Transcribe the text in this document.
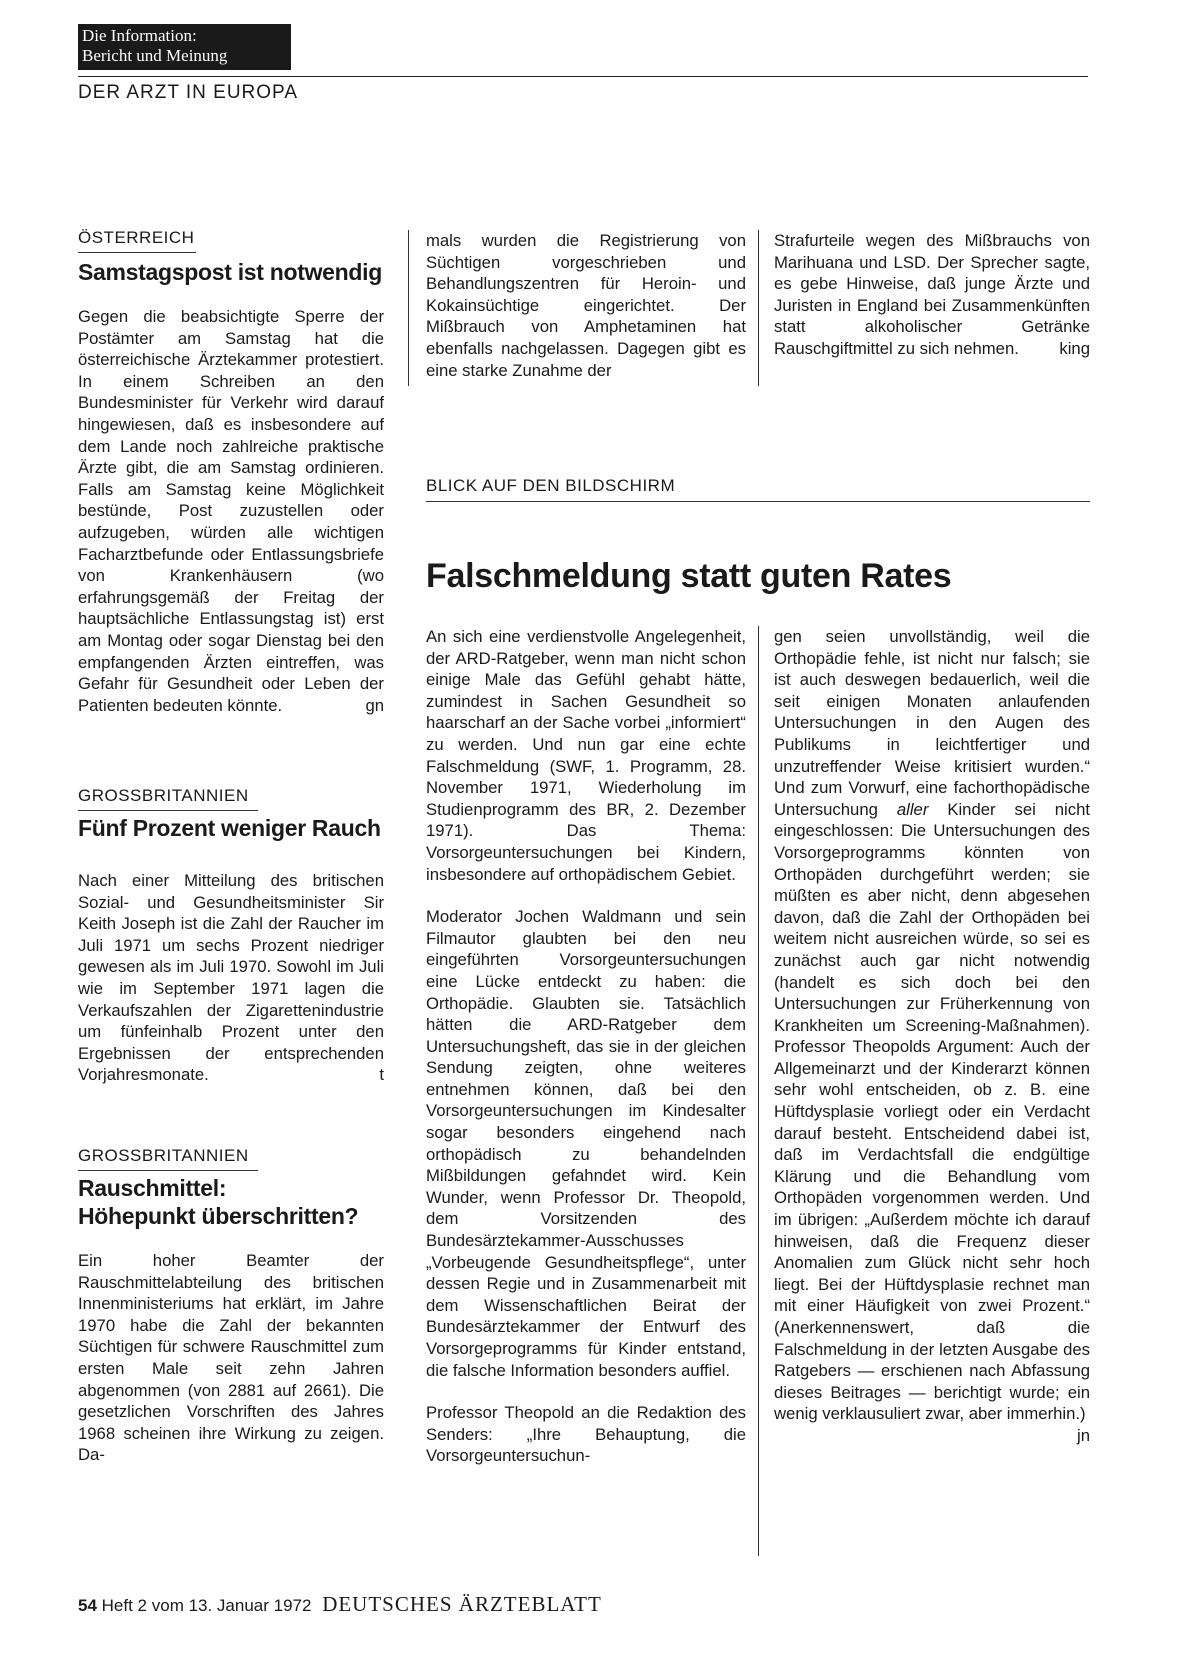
Die Information:
Bericht und Meinung
DER ARZT IN EUROPA
ÖSTERREICH
Samstagspost ist notwendig
Gegen die beabsichtigte Sperre der Postämter am Samstag hat die österreichische Ärztekammer protestiert. In einem Schreiben an den Bundesminister für Verkehr wird darauf hingewiesen, daß es insbesondere auf dem Lande noch zahlreiche praktische Ärzte gibt, die am Samstag ordinieren. Falls am Samstag keine Möglichkeit bestünde, Post zuzustellen oder aufzugeben, würden alle wichtigen Facharztbefunde oder Entlassungsbriefe von Krankenhäusern (wo erfahrungsgemäß der Freitag der hauptsächliche Entlassungstag ist) erst am Montag oder sogar Dienstag bei den empfangenden Ärzten eintreffen, was Gefahr für Gesundheit oder Leben der Patienten bedeuten könnte.	gn
GROSSBRITANNIEN
Fünf Prozent weniger Rauch
Nach einer Mitteilung des britischen Sozial- und Gesundheitsminister Sir Keith Joseph ist die Zahl der Raucher im Juli 1971 um sechs Prozent niedriger gewesen als im Juli 1970. Sowohl im Juli wie im September 1971 lagen die Verkaufszahlen der Zigarettenindustrie um fünfeinhalb Prozent unter den Ergebnissen der entsprechenden Vorjahresmonate.	t
GROSSBRITANNIEN
Rauschmittel:
Höhepunkt überschritten?
Ein hoher Beamter der Rauschmittelabteilung des britischen Innenministeriums hat erklärt, im Jahre 1970 habe die Zahl der bekannten Süchtigen für schwere Rauschmittel zum ersten Male seit zehn Jahren abgenommen (von 2881 auf 2661). Die gesetzlichen Vorschriften des Jahres 1968 scheinen ihre Wirkung zu zeigen. Da-
mals wurden die Registrierung von Süchtigen vorgeschrieben und Behandlungszentren für Heroin- und Kokainsüchtige eingerichtet. Der Mißbrauch von Amphetaminen hat ebenfalls nachgelassen. Dagegen gibt es eine starke Zunahme der
Strafurteile wegen des Mißbrauchs von Marihuana und LSD. Der Sprecher sagte, es gebe Hinweise, daß junge Ärzte und Juristen in England bei Zusammenkünften statt alkoholischer Getränke Rauschgiftmittel zu sich nehmen. king
BLICK AUF DEN BILDSCHIRM
Falschmeldung statt guten Rates

An sich eine verdienstvolle Angelegenheit, der ARD-Ratgeber, wenn man nicht schon einige Male das Gefühl gehabt hätte, zumindest in Sachen Gesundheit so haarscharf an der Sache vorbei „informiert“ zu werden. Und nun gar eine echte Falschmeldung (SWF, 1. Programm, 28. November 1971, Wiederholung im Studienprogramm des BR, 2. Dezember 1971). Das Thema: Vorsorgeuntersuchungen bei Kindern, insbesondere auf orthopädischem Gebiet.

Moderator Jochen Waldmann und sein Filmautor glaubten bei den neu eingeführten Vorsorgeuntersuchungen eine Lücke entdeckt zu haben: die Orthopädie. Glaubten sie. Tatsächlich hätten die ARD-Ratgeber dem Untersuchungsheft, das sie in der gleichen Sendung zeigten, ohne weiteres entnehmen können, daß bei den Vorsorgeuntersuchungen im Kindesalter sogar besonders eingehend nach orthopädisch zu behandelnden Mißbildungen gefahndet wird. Kein Wunder, wenn Professor Dr. Theopold, dem Vorsitzenden des Bundesärztekammer-Ausschusses „Vorbeugende Gesundheitspflege“, unter dessen Regie und in Zusammenarbeit mit dem Wissenschaftlichen Beirat der Bundesärztekammer der Entwurf des Vorsorgeprogramms für Kinder entstand, die falsche Information besonders auffiel.

Professor Theopold an die Redaktion des Senders: „Ihre Behauptung, die Vorsorgeuntersuchun-

gen seien unvollständig, weil die Orthopädie fehle, ist nicht nur falsch; sie ist auch deswegen bedauerlich, weil die seit einigen Monaten anlaufenden Untersuchungen in den Augen des Publikums in leichtfertiger und unzutreffender Weise kritisiert wurden.“ Und zum Vorwurf, eine fachorthopädische Untersuchung aller Kinder sei nicht eingeschlossen: Die Untersuchungen des Vorsorgeprogramms könnten von Orthopäden durchgeführt werden; sie müßten es aber nicht, denn abgesehen davon, daß die Zahl der Orthopäden bei weitem nicht ausreichen würde, so sei es zunächst auch gar nicht notwendig (handelt es sich doch bei den Untersuchungen zur Früherkennung von Krankheiten um Screening-Maßnahmen). Professor Theopolds Argument: Auch der Allgemeinarzt und der Kinderarzt können sehr wohl entscheiden, ob z. B. eine Hüftdysplasie vorliegt oder ein Verdacht darauf besteht. Entscheidend dabei ist, daß im Verdachtsfall die endgültige Klärung und die Behandlung vom Orthopäden vorgenommen werden. Und im übrigen: „Außerdem möchte ich darauf hinweisen, daß die Frequenz dieser Anomalien zum Glück nicht sehr hoch liegt. Bei der Hüftdysplasie rechnet man mit einer Häufigkeit von zwei Prozent.“ (Anerkennenswert, daß die Falschmeldung in der letzten Ausgabe des Ratgebers — erschienen nach Abfassung dieses Beitrages — berichtigt wurde; ein wenig verklausuliert zwar, aber immerhin.)
jn
54 Heft 2 vom 13. Januar 1972 DEUTSCHES ÄRZTEBLATT
